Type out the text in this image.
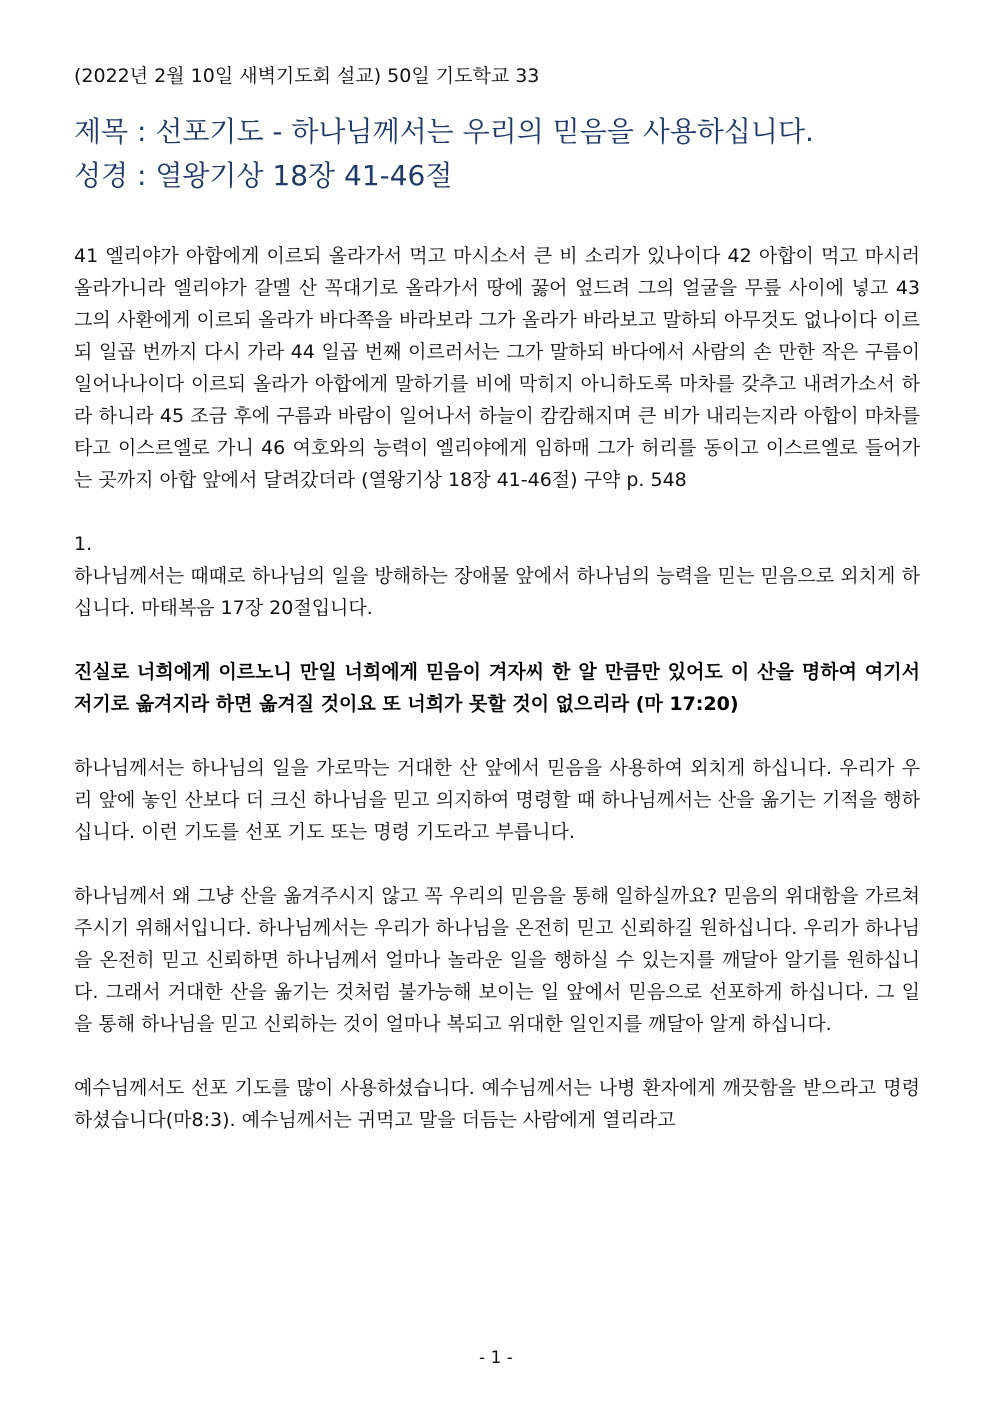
(2022년 2월 10일 새벽기도회 설교) 50일 기도학교 33
제목 : 선포기도 - 하나님께서는 우리의 믿음을 사용하십니다.
성경 : 열왕기상 18장 41-46절

41 엘리야가 아합에게 이르되 올라가서 먹고 마시소서 큰 비 소리가 있나이다 42 아합이 먹고 마시러 올라가니라 엘리야가 갈멜 산 꼭대기로 올라가서 땅에 꿇어 엎드려 그의 얼굴을 무릎 사이에 넣고 43 그의 사환에게 이르되 올라가 바다쪽을 바라보라 그가 올라가 바라보고 말하되 아무것도 없나이다 이르되 일곱 번까지 다시 가라 44 일곱 번째 이르러서는 그가 말하되 바다에서 사람의 손 만한 작은 구름이 일어나나이다 이르되 올라가 아합에게 말하기를 비에 막히지 아니하도록 마차를 갖추고 내려가소서 하라 하니라 45 조금 후에 구름과 바람이 일어나서 하늘이 캄캄해지며 큰 비가 내리는지라 아합이 마차를 타고 이스르엘로 가니 46 여호와의 능력이 엘리야에게 임하매 그가 허리를 동이고 이스르엘로 들어가는 곳까지 아합 앞에서 달려갔더라 (열왕기상 18장 41-46절) 구약 p. 548

1.

하나님께서는 때때로 하나님의 일을 방해하는 장애물 앞에서 하나님의 능력을 믿는 믿음으로 외치게 하십니다. 마태복음 17장 20절입니다.

진실로 너희에게 이르노니 만일 너희에게 믿음이 겨자씨 한 알 만큼만 있어도 이 산을 명하여 여기서 저기로 옮겨지라 하면 옮겨질 것이요 또 너희가 못할 것이 없으리라 (마 17:20)

하나님께서는 하나님의 일을 가로막는 거대한 산 앞에서 믿음을 사용하여 외치게 하십니다. 우리가 우리 앞에 놓인 산보다 더 크신 하나님을 믿고 의지하여 명령할 때 하나님께서는 산을 옮기는 기적을 행하십니다. 이런 기도를 선포 기도 또는 명령 기도라고 부릅니다.

하나님께서 왜 그냥 산을 옮겨주시지 않고 꼭 우리의 믿음을 통해 일하실까요? 믿음의 위대함을 가르쳐주시기 위해서입니다. 하나님께서는 우리가 하나님을 온전히 믿고 신뢰하길 원하십니다. 우리가 하나님을 온전히 믿고 신뢰하면 하나님께서 얼마나 놀라운 일을 행하실 수 있는지를 깨달아 알기를 원하십니다. 그래서 거대한 산을 옮기는 것처럼 불가능해 보이는 일 앞에서 믿음으로 선포하게 하십니다. 그 일을 통해 하나님을 믿고 신뢰하는 것이 얼마나 복되고 위대한 일인지를 깨달아 알게 하십니다.

예수님께서도 선포 기도를 많이 사용하셨습니다. 예수님께서는 나병 환자에게 깨끗함을 받으라고 명령하셨습니다(마8:3). 예수님께서는 귀먹고 말을 더듬는 사람에게 열리라고

- 1 -
